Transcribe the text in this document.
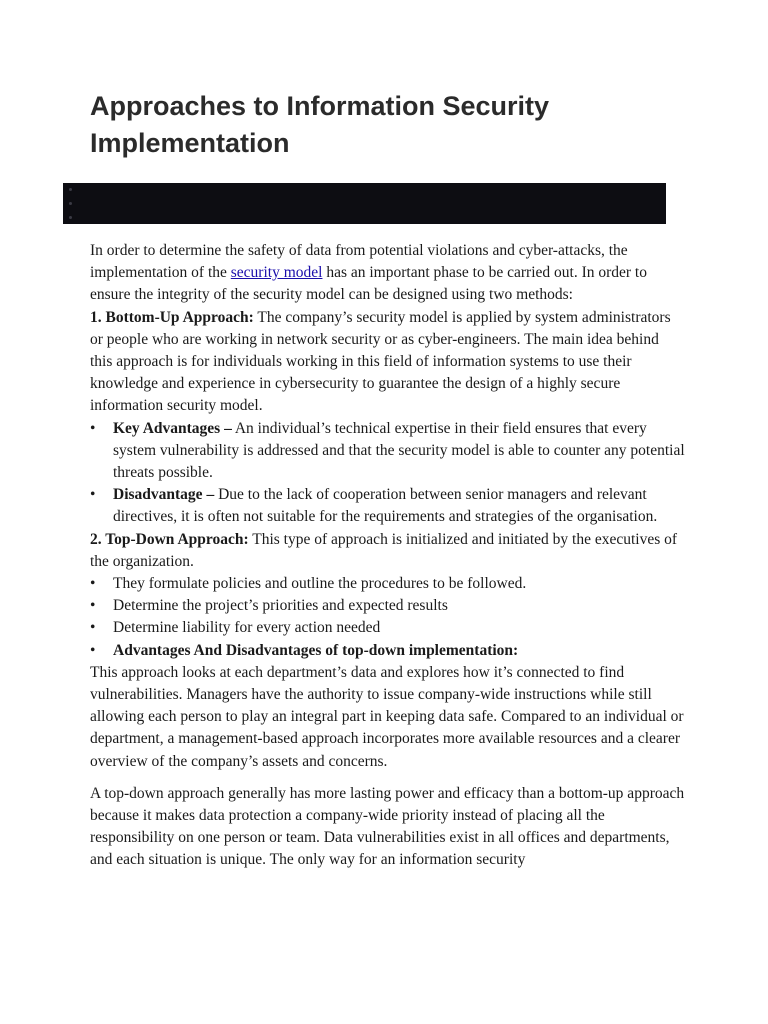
Approaches to Information Security Implementation

In order to determine the safety of data from potential violations and cyber-attacks, the implementation of the security model has an important phase to be carried out. In order to ensure the integrity of the security model can be designed using two methods:

1. Bottom-Up Approach: The company’s security model is applied by system administrators or people who are working in network security or as cyber-engineers. The main idea behind this approach is for individuals working in this field of information systems to use their knowledge and experience in cybersecurity to guarantee the design of a highly secure information security model.

• Key Advantages – An individual’s technical expertise in their field ensures that every system vulnerability is addressed and that the security model is able to counter any potential threats possible.
• Disadvantage – Due to the lack of cooperation between senior managers and relevant directives, it is often not suitable for the requirements and strategies of the organisation.

2. Top-Down Approach: This type of approach is initialized and initiated by the executives of the organization.

• They formulate policies and outline the procedures to be followed.
• Determine the project’s priorities and expected results
• Determine liability for every action needed
• Advantages And Disadvantages of top-down implementation:

This approach looks at each department’s data and explores how it’s connected to find vulnerabilities. Managers have the authority to issue company-wide instructions while still allowing each person to play an integral part in keeping data safe. Compared to an individual or department, a management-based approach incorporates more available resources and a clearer overview of the company’s assets and concerns.

A top-down approach generally has more lasting power and efficacy than a bottom-up approach because it makes data protection a company-wide priority instead of placing all the responsibility on one person or team. Data vulnerabilities exist in all offices and departments, and each situation is unique. The only way for an information security
